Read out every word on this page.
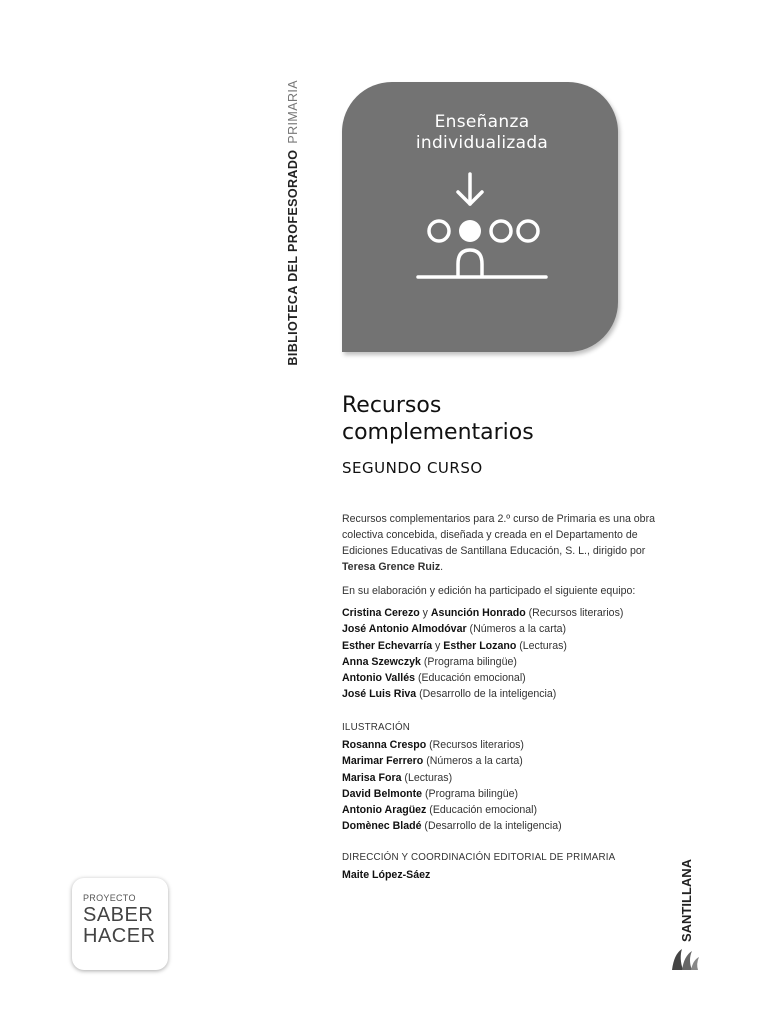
BIBLIOTECA DEL PROFESORADOPRIMARIA	Enseñanza
individualizada
Recursos
complementarios
SEGUNDO CURSO
Recursos complementarios para 2.º curso de Primaria es una obra colectiva concebida, diseñada y creada en el Departamento de Ediciones Educativas de Santillana Educación, S. L., dirigido por Teresa Grence Ruiz.
En su elaboración y edición ha participado el siguiente equipo:
Cristina Cerezo y Asunción Honrado (Recursos literarios)
José Antonio Almodóvar (Números a la carta)
Esther Echevarría y Esther Lozano (Lecturas)
Anna Szewczyk (Programa bilingüe)
Antonio Vallés (Educación emocional)
José Luis Riva (Desarrollo de la inteligencia)
ILUSTRACIÓN
Rosanna Crespo (Recursos literarios)
Marimar Ferrero (Números a la carta)
Marisa Fora (Lecturas)
David Belmonte (Programa bilingüe)
Antonio Aragüez (Educación emocional)
Domènec Bladé (Desarrollo de la inteligencia)
DIRECCIÓN Y COORDINACIÓN EDITORIAL DE PRIMARIA
Maite López-Sáez
PROYECTO
SABER
HACER	SANTILLANA
